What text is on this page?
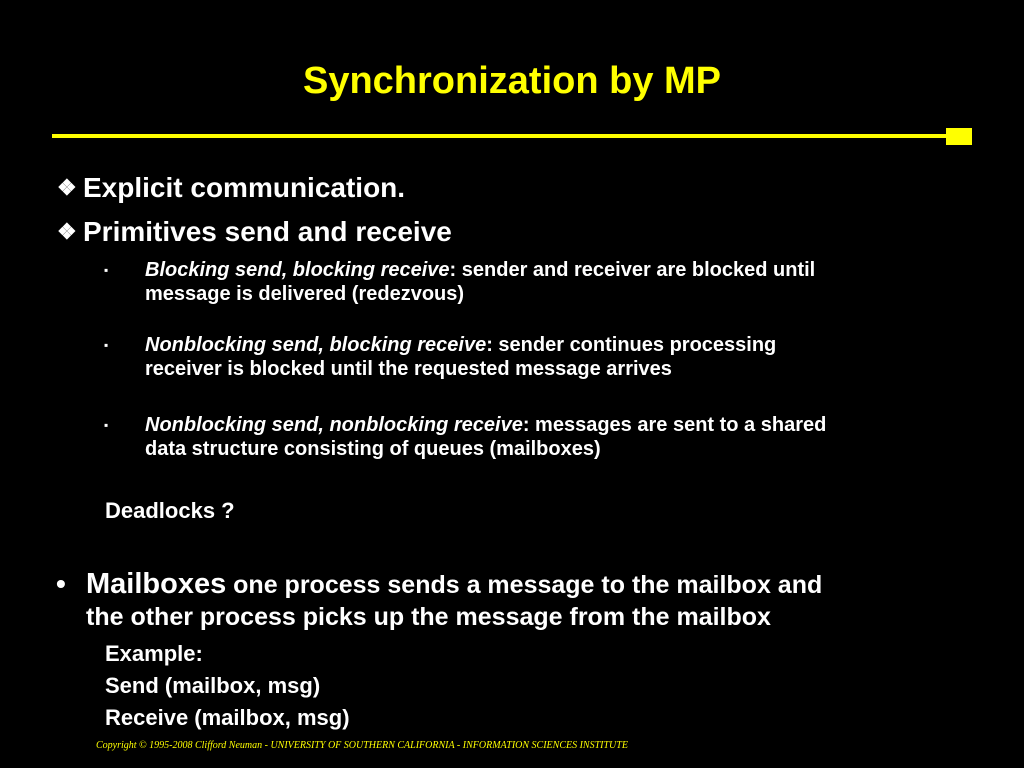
Synchronization by MP
❖ Explicit communication.
❖ Primitives send and receive
▪ Blocking send, blocking receive: sender and receiver are blocked until
message is delivered (redezvous)
▪ Nonblocking send, blocking receive: sender continues processing
receiver is blocked until the requested message arrives
▪ Nonblocking send, nonblocking receive: messages are sent to a shared
data structure consisting of queues (mailboxes)
Deadlocks ?
• Mailboxes one process sends a message to the mailbox and
the other process picks up the message from the mailbox
Example:
Send (mailbox, msg)
Receive (mailbox, msg)
Copyright © 1995-2008 Clifford Neuman - UNIVERSITY OF SOUTHERN CALIFORNIA - INFORMATION SCIENCES INSTITUTE
